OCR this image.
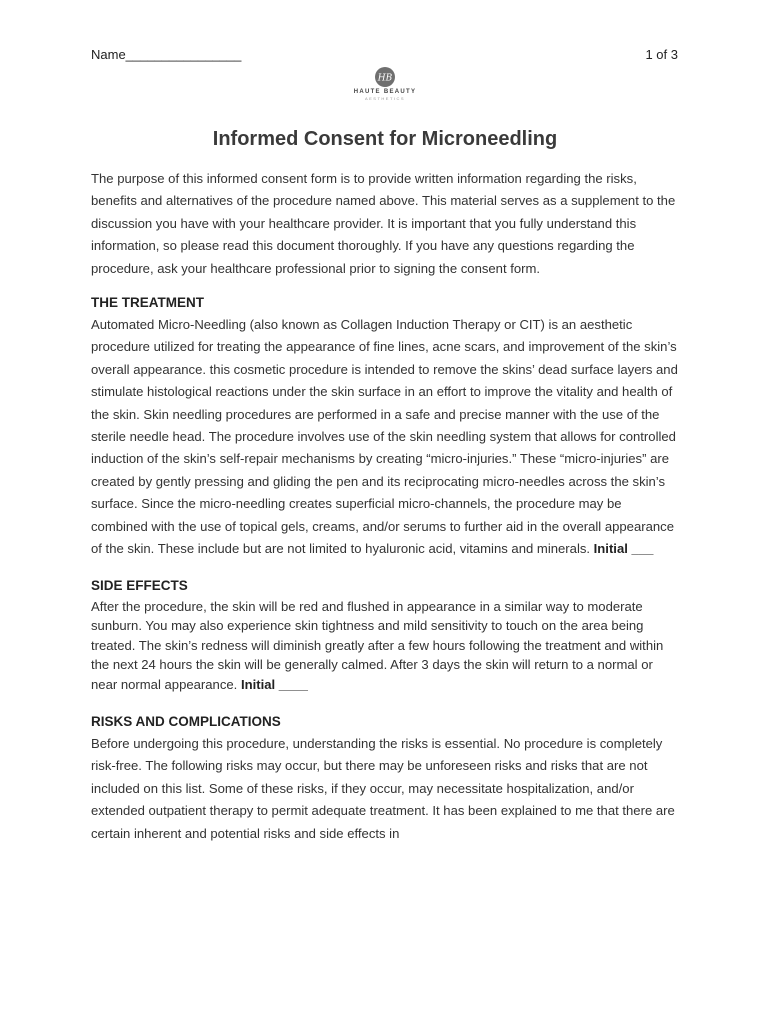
Name________________	1 of 3
HB
HAUTE BEAUTY
AESTHETICS
Informed Consent for Microneedling

The purpose of this informed consent form is to provide written information regarding the risks, benefits and alternatives of the procedure named above. This material serves as a supplement to the discussion you have with your healthcare provider. It is important that you fully understand this information, so please read this document thoroughly. If you have any questions regarding the procedure, ask your healthcare professional prior to signing the consent form.

THE TREATMENT

Automated Micro-Needling (also known as Collagen Induction Therapy or CIT) is an aesthetic procedure utilized for treating the appearance of fine lines, acne scars, and improvement of the skin’s overall appearance. this cosmetic procedure is intended to remove the skins’ dead surface layers and stimulate histological reactions under the skin surface in an effort to improve the vitality and health of the skin. Skin needling procedures are performed in a safe and precise manner with the use of the sterile needle head. The procedure involves use of the skin needling system that allows for controlled induction of the skin’s self-repair mechanisms by creating “micro-injuries.” These “micro-injuries” are created by gently pressing and gliding the pen and its reciprocating micro-needles across the skin’s surface. Since the micro-needling creates superficial micro-channels, the procedure may be combined with the use of topical gels, creams, and/or serums to further aid in the overall appearance of the skin. These include but are not limited to hyaluronic acid, vitamins and minerals. Initial ___

SIDE EFFECTS

After the procedure, the skin will be red and flushed in appearance in a similar way to moderate sunburn. You may also experience skin tightness and mild sensitivity to touch on the area being treated. The skin’s redness will diminish greatly after a few hours following the treatment and within the next 24 hours the skin will be generally calmed. After 3 days the skin will return to a normal or near normal appearance. Initial ____

RISKS AND COMPLICATIONS

Before undergoing this procedure, understanding the risks is essential. No procedure is completely risk-free. The following risks may occur, but there may be unforeseen risks and risks that are not included on this list. Some of these risks, if they occur, may necessitate hospitalization, and/or extended outpatient therapy to permit adequate treatment. It has been explained to me that there are certain inherent and potential risks and side effects in
